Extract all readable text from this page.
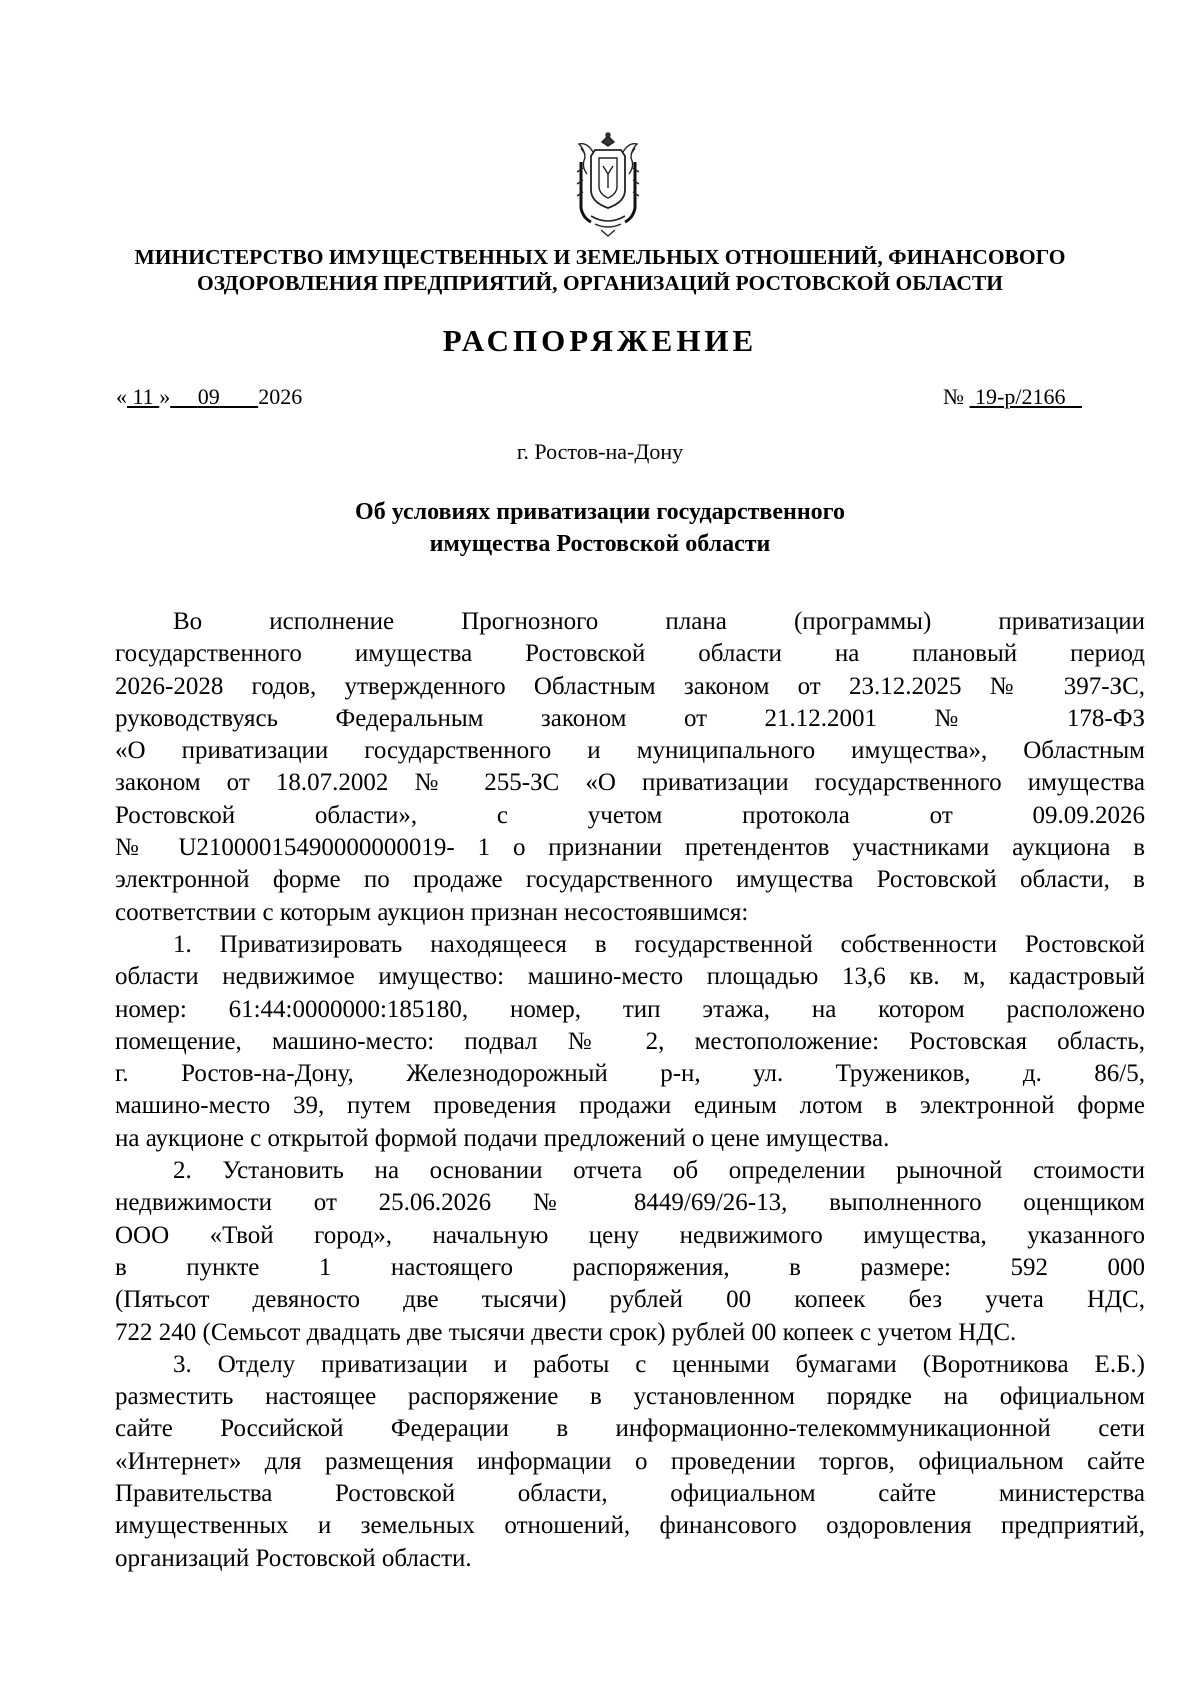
МИНИСТЕРСТВО ИМУЩЕСТВЕННЫХ И ЗЕМЕЛЬНЫХ ОТНОШЕНИЙ, ФИНАНСОВОГО
ОЗДОРОВЛЕНИЯ ПРЕДПРИЯТИЙ, ОРГАНИЗАЦИЙ РОСТОВСКОЙ ОБЛАСТИ
РАСПОРЯЖЕНИЕ
« 11 » 09 2026	№ 19-р/2166
г. Ростов-на-Дону
Об условиях приватизации государственного
имущества Ростовской области
Во исполнение Прогнозного плана (программы) приватизации
государственного имущества Ростовской области на плановый период
2026-2028 годов, утвержденного Областным законом от 23.12.2025 № 397-ЗС,
руководствуясь Федеральным законом от 21.12.2001 № 178-ФЗ
«О приватизации государственного и муниципального имущества», Областным
законом от 18.07.2002 № 255-ЗС «О приватизации государственного имущества
Ростовской области», с учетом протокола от 09.09.2026
№ U21000015490000000019- 1 о признании претендентов участниками аукциона в
электронной форме по продаже государственного имущества Ростовской области, в
соответствии с которым аукцион признан несостоявшимся:
1. Приватизировать находящееся в государственной собственности Ростовской
области недвижимое имущество: машино-место площадью 13,6 кв. м, кадастровый
номер: 61:44:0000000:185180, номер, тип этажа, на котором расположено
помещение, машино-место: подвал № 2, местоположение: Ростовская область,
г. Ростов-на-Дону, Железнодорожный р-н, ул. Тружеников, д. 86/5,
машино-место 39, путем проведения продажи единым лотом в электронной форме
на аукционе с открытой формой подачи предложений о цене имущества.
2. Установить на основании отчета об определении рыночной стоимости
недвижимости от 25.06.2026 № 8449/69/26-13, выполненного оценщиком
ООО «Твой город», начальную цену недвижимого имущества, указанного
в пункте 1 настоящего распоряжения, в размере: 592 000
(Пятьсот девяносто две тысячи) рублей 00 копеек без учета НДС,
722 240 (Семьсот двадцать две тысячи двести срок) рублей 00 копеек с учетом НДС.
3. Отделу приватизации и работы с ценными бумагами (Воротникова Е.Б.)
разместить настоящее распоряжение в установленном порядке на официальном
сайте Российской Федерации в информационно-телекоммуникационной сети
«Интернет» для размещения информации о проведении торгов, официальном сайте
Правительства Ростовской области, официальном сайте министерства
имущественных и земельных отношений, финансового оздоровления предприятий,
организаций Ростовской области.
